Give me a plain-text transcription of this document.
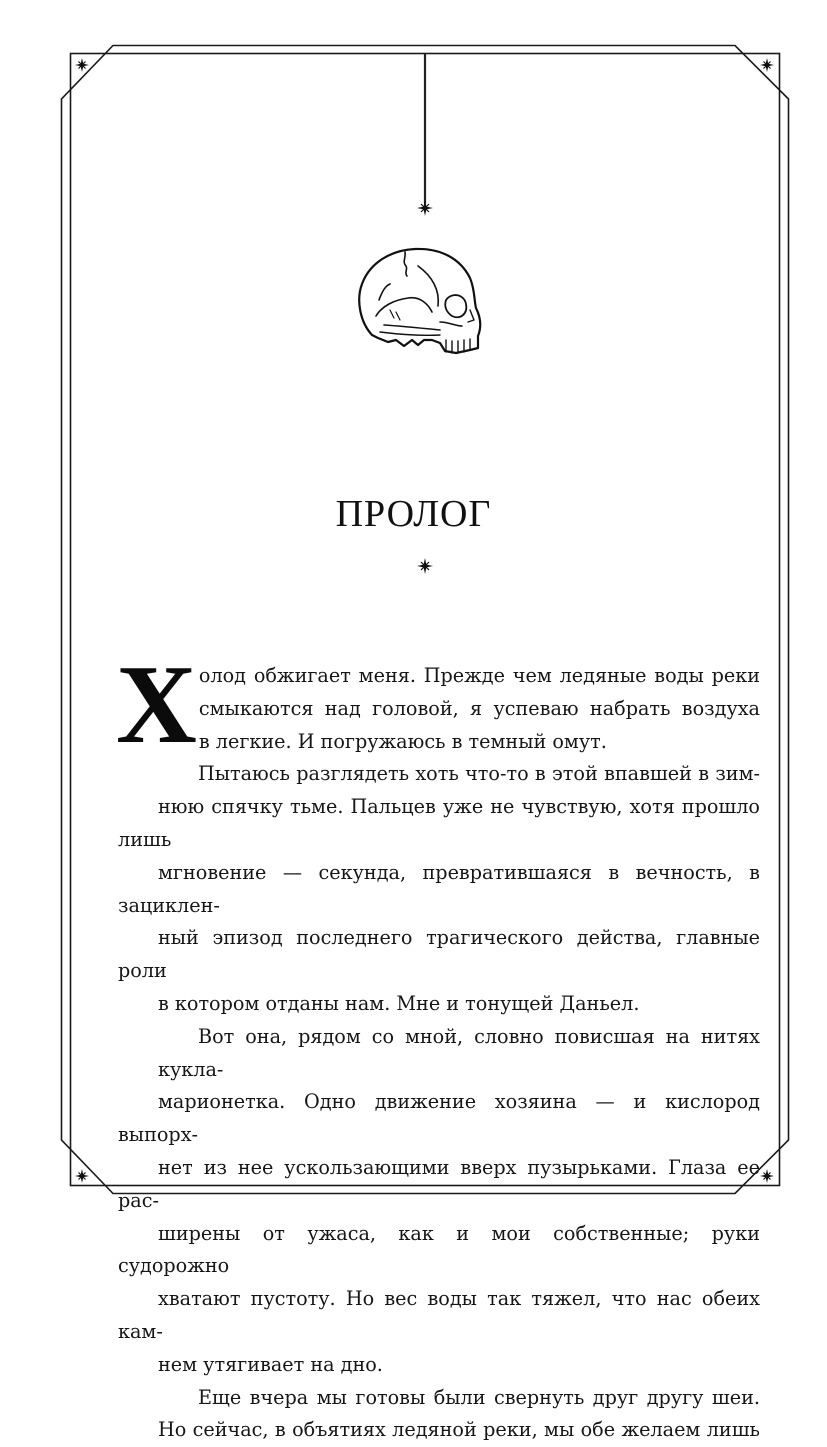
ПРОЛОГ
Х олод обжигает меня. Прежде чем ледяные воды реки
смыкаются над головой, я успеваю набрать воздуха
в легкие. И погружаюсь в темный омут.
Пытаюсь разглядеть хоть что-то в этой впавшей в зим-
нюю спячку тьме. Пальцев уже не чувствую, хотя прошло лишь
мгновение — секунда, превратившаяся в вечность, в зациклен-
ный эпизод последнего трагического действа, главные роли
в котором отданы нам. Мне и тонущей Даньел.
Вот она, рядом со мной, словно повисшая на нитях кукла-
марионетка. Одно движение хозяина — и кислород выпорх-
нет из нее ускользающими вверх пузырьками. Глаза ее рас-
ширены от ужаса, как и мои собственные; руки судорожно
хватают пустоту. Но вес воды так тяжел, что нас обеих кам-
нем утягивает на дно.
Еще вчера мы готовы были свернуть друг другу шеи.
Но сейчас, в объятиях ледяной реки, мы обе желаем лишь
